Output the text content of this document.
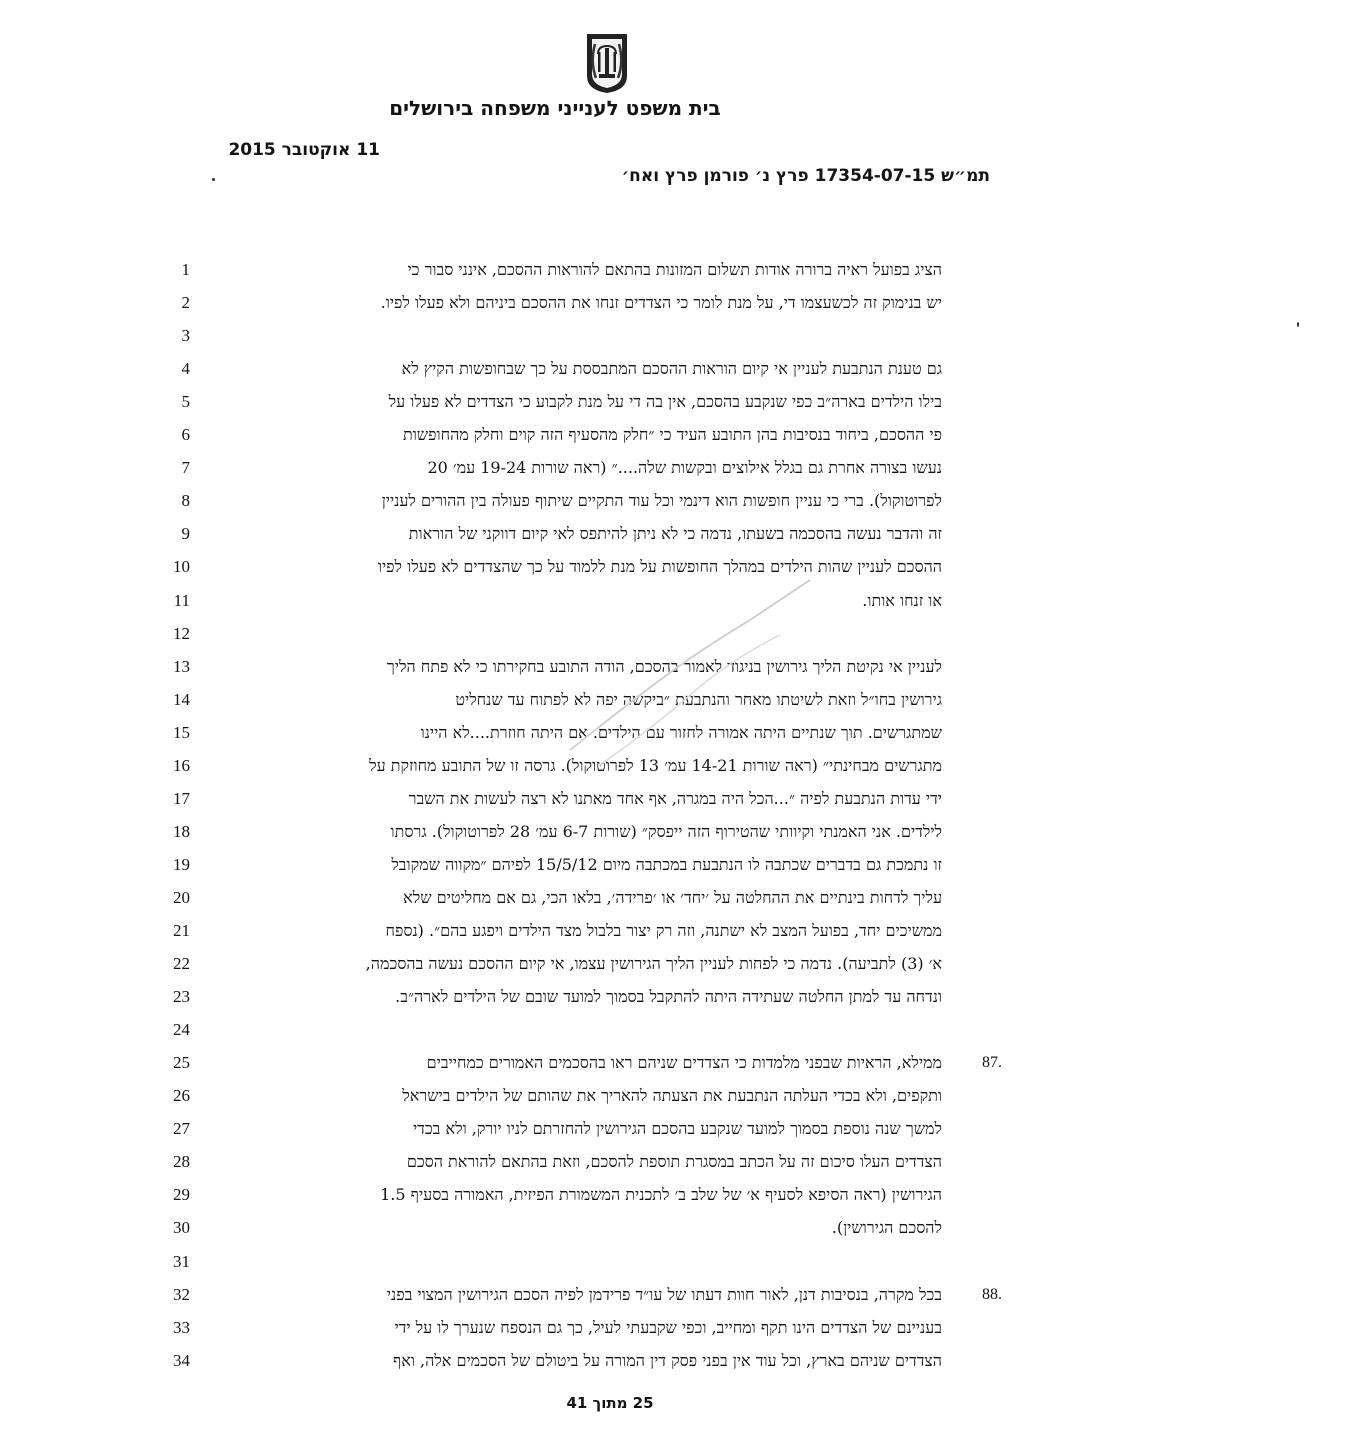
בית משפט לענייני משפחה בירושלים
11 אוקטובר 2015
תמ״ש 17354-07-15 פרץ נ׳ פורמן פרץ ואח׳
1	הציג בפועל ראיה ברורה אודות תשלום המזונות בהתאם להוראות ההסכם, אינני סבור כי
2	יש בנימוק זה לכשעצמו די, על מנת לומר כי הצדדים זנחו את ההסכם ביניהם ולא פעלו לפיו.
3
4	גם טענת הנתבעת לעניין אי קיום הוראות ההסכם המתבססת על כך שבחופשות הקיץ לא
5	בילו הילדים בארה״ב כפי שנקבע בהסכם, אין בה די על מנת לקבוע כי הצדדים לא פעלו על
6	פי ההסכם, ביחוד בנסיבות בהן התובע העיד כי ״חלק מהסעיף הזה קוים וחלק מהחופשות
7	נעשו בצורה אחרת גם בגלל אילוצים ובקשות שלה....״ (ראה שורות 19-24 עמ׳ 20
8	לפרוטוקול). ברי כי עניין חופשות הוא דינמי וכל עוד התקיים שיתוף פעולה בין ההורים לעניין
9	זה והדבר נעשה בהסכמה בשעתו, נדמה כי לא ניתן להיתפס לאי קיום דווקני של הוראות
10	ההסכם לעניין שהות הילדים במהלך החופשות על מנת ללמוד על כך שהצדדים לא פעלו לפיו
11	או זנחו אותו.
12
13	לעניין אי נקיטת הליך גירושין בניגוד לאמור בהסכם, הודה התובע בחקירתו כי לא פתח הליך
14	גירושין בחו״ל וזאת לשיטתו מאחר והנתבעת ״ביקשה יפה לא לפתוח עד שנחליט
15	שמתגרשים. תוך שנתיים היתה אמורה לחזור עם הילדים. אם היתה חוזרת....לא היינו
16	מתגרשים מבחינתי״ (ראה שורות 14-21 עמ׳ 13 לפרוטוקול). גרסה זו של התובע מחוזקת על
17	ידי עדות הנתבעת לפיה ״...הכל היה במגרה, אף אחד מאתנו לא רצה לעשות את השבר
18	לילדים. אני האמנתי וקיוותי שהטירוף הזה ייפסק״ (שורות 6-7 עמ׳ 28 לפרוטוקול). גרסתו
19	זו נתמכת גם בדברים שכתבה לו הנתבעת במכתבה מיום 15/5/12 לפיהם ״מקווה שמקובל
20	עליך לדחות בינתיים את ההחלטה על ׳יחד׳ או ׳פרידה׳, בלאו הכי, גם אם מחליטים שלא
21	ממשיכים יחד, בפועל המצב לא ישתנה, וזה רק יצור בלבול מצד הילדים ויפגע בהם״. (נספח
22	א׳ (3) לתביעה). נדמה כי לפחות לעניין הליך הגירושין עצמו, אי קיום ההסכם נעשה בהסכמה,
23	ונדחה עד למתן החלטה שעתידה היתה להתקבל בסמוך למועד שובם של הילדים לארה״ב.
24
25	ממילא, הראיות שבפני מלמדות כי הצדדים שניהם ראו בהסכמים האמורים כמחייבים	87.
26	ותקפים, ולא בכדי העלתה הנתבעת את הצעתה להאריך את שהותם של הילדים בישראל
27	למשך שנה נוספת בסמוך למועד שנקבע בהסכם הגירושין להחזרתם לניו יורק, ולא בכדי
28	הצדדים העלו סיכום זה על הכתב במסגרת תוספת להסכם, וזאת בהתאם להוראת הסכם
29	הגירושין (ראה הסיפא לסעיף א׳ של שלב ב׳ לתכנית המשמורת הפיזית, האמורה בסעיף 1.5
30	להסכם הגירושין).
31
32	בכל מקרה, בנסיבות דנן, לאור חוות דעתו של עו״ד פרידמן לפיה הסכם הגירושין המצוי בפני	88.
33	בעניינם של הצדדים הינו תקף ומחייב, וכפי שקבעתי לעיל, כך גם הנספח שנערך לו על ידי
34	הצדדים שניהם בארץ, וכל עוד אין בפני פסק דין המורה על ביטולם של הסכמים אלה, ואף
25 מתוך 41
